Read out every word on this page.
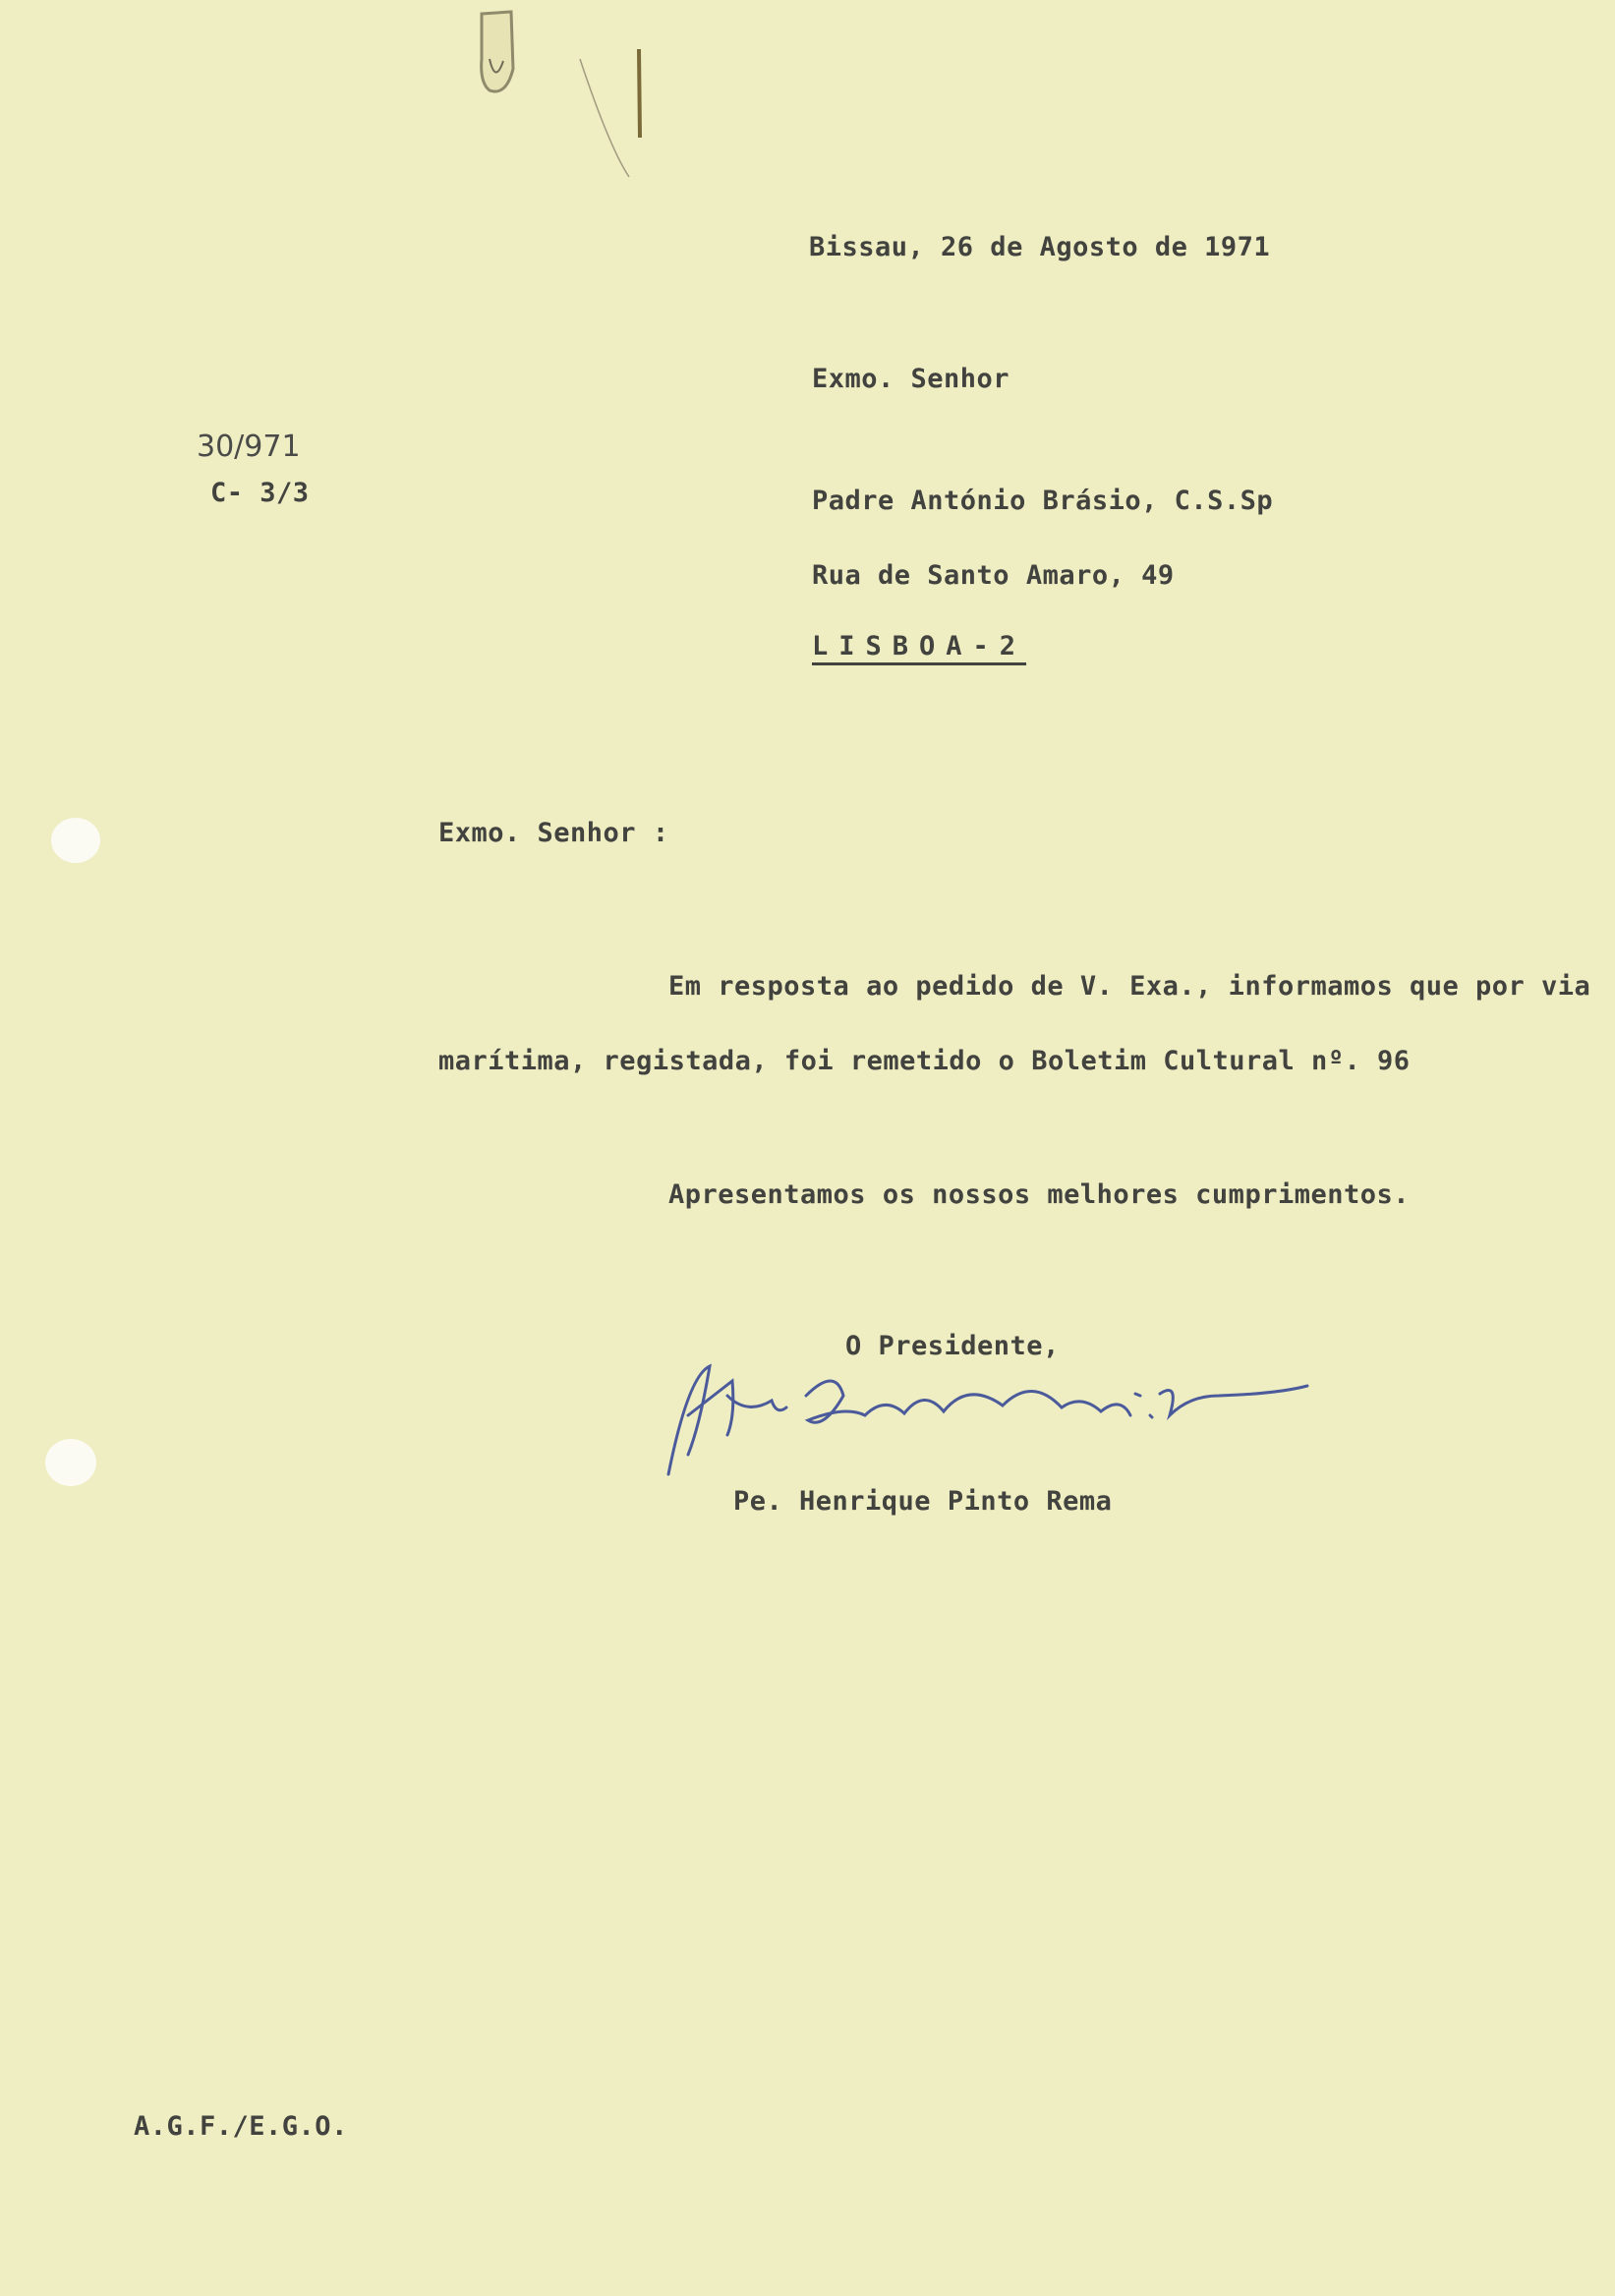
Bissau, 26 de Agosto de 1971
Exmo. Senhor
30/971
C- 3/3	Padre António Brásio, C.S.Sp
Rua de Santo Amaro, 49
LISBOA-2
Exmo. Senhor :
Em resposta ao pedido de V. Exa., informamos que por via
marítima, registada, foi remetido o Boletim Cultural nº. 96
Apresentamos os nossos melhores cumprimentos.
O Presidente,
Pe. Henrique Pinto Rema
A.G.F./E.G.O.
